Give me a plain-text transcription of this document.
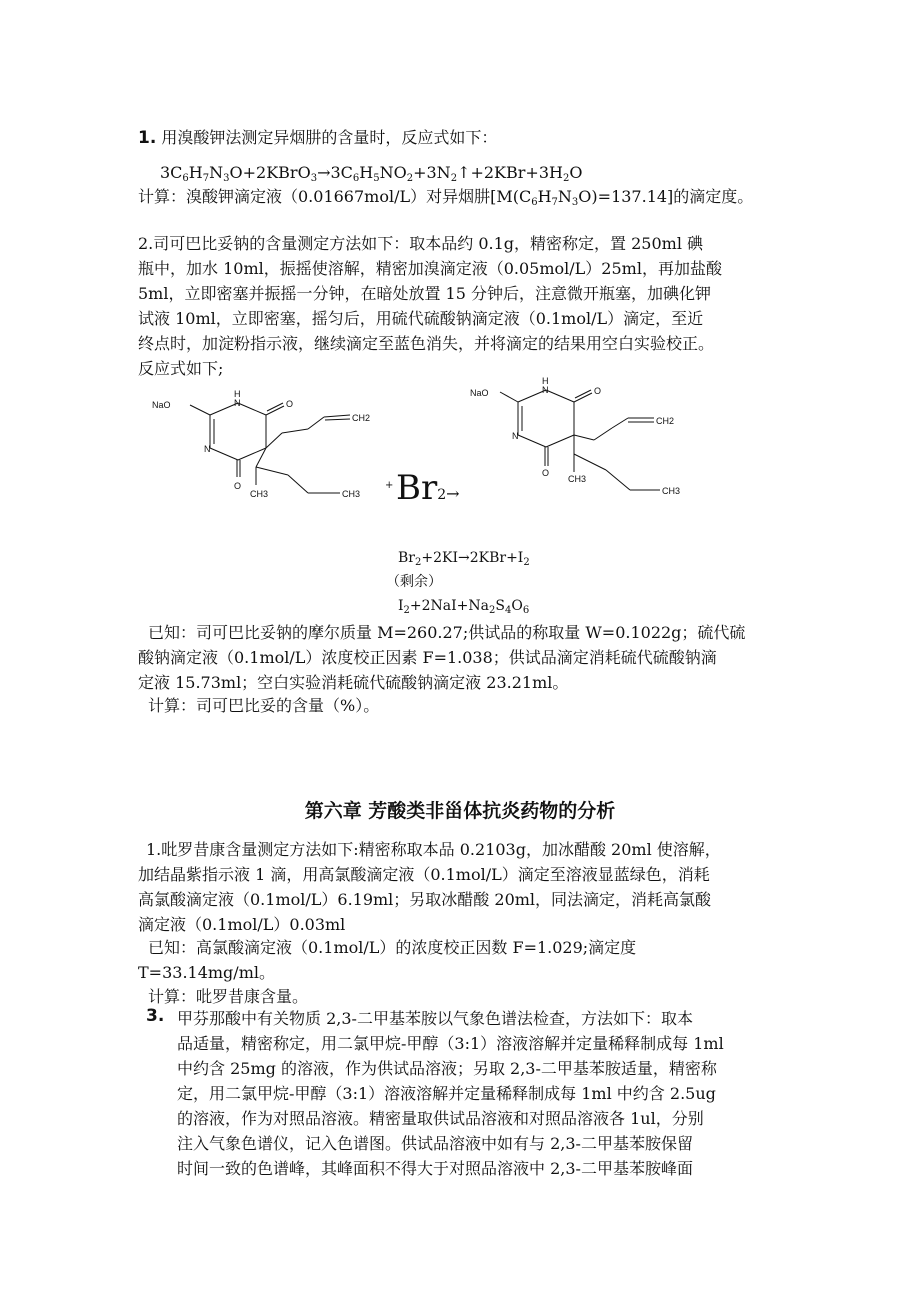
1. 用溴酸钾法测定异烟肼的含量时，反应式如下：
$3C_6H_7N_3O+2KBrO_3\to 3C_6H_5NO_2+3N_2↑+2KBr+3H_2O$
计算：溴酸钾滴定液（0.01667mol/L）对异烟肼$[M(C_6H_7N_3O)=137.14]$的滴定度。
2.司可巴比妥钠的含量测定方法如下：取本品约 0.1g，精密称定，置 250ml 碘
瓶中，加水 10ml，振摇使溶解，精密加溴滴定液（0.05mol/L）25ml，再加盐酸
5ml，立即密塞并振摇一分钟，在暗处放置 15 分钟后，注意微开瓶塞，加碘化钾
试液 10ml，立即密塞，摇匀后，用硫代硫酸钠滴定液（0.1mol/L）滴定，至近
终点时，加淀粉指示液，继续滴定至蓝色消失，并将滴定的结果用空白实验校正。
反应式如下;
NaO
H
N
N
O
O
CH2
CH3	CH3
+ Br2→
NaO
H
N
N
O
O
CH2
CH3
CH3
$Br_2+2KI\to 2KBr+I_2$
（剩余）
$I_2+2NaI+Na_2S_4O_6$
已知：司可巴比妥钠的摩尔质量 M=260.27;供试品的称取量 W=0.1022g；硫代硫
酸钠滴定液（0.1mol/L）浓度校正因素 F=1.038；供试品滴定消耗硫代硫酸钠滴
定液 15.73ml；空白实验消耗硫代硫酸钠滴定液 23.21ml。
计算：司可巴比妥的含量（%）。
第六章 芳酸类非甾体抗炎药物的分析
1.吡罗昔康含量测定方法如下:精密称取本品 0.2103g，加冰醋酸 20ml 使溶解，
加结晶紫指示液 1 滴，用高氯酸滴定液（0.1mol/L）滴定至溶液显蓝绿色，消耗
高氯酸滴定液（0.1mol/L）6.19ml；另取冰醋酸 20ml，同法滴定，消耗高氯酸
滴定液（0.1mol/L）0.03ml
已知：高氯酸滴定液（0.1mol/L）的浓度校正因数 F=1.029;滴定度
T=33.14mg/ml。
计算：吡罗昔康含量。
3. 甲芬那酸中有关物质 2,3-二甲基苯胺以气象色谱法检查，方法如下：取本
品适量，精密称定，用二氯甲烷-甲醇（3:1）溶液溶解并定量稀释制成每 1ml
中约含 25mg 的溶液，作为供试品溶液；另取 2,3-二甲基苯胺适量，精密称
定，用二氯甲烷-甲醇（3:1）溶液溶解并定量稀释制成每 1ml 中约含 2.5ug
的溶液，作为对照品溶液。精密量取供试品溶液和对照品溶液各 1ul，分别
注入气象色谱仪，记入色谱图。供试品溶液中如有与 2,3-二甲基苯胺保留
时间一致的色谱峰，其峰面积不得大于对照品溶液中 2,3-二甲基苯胺峰面
